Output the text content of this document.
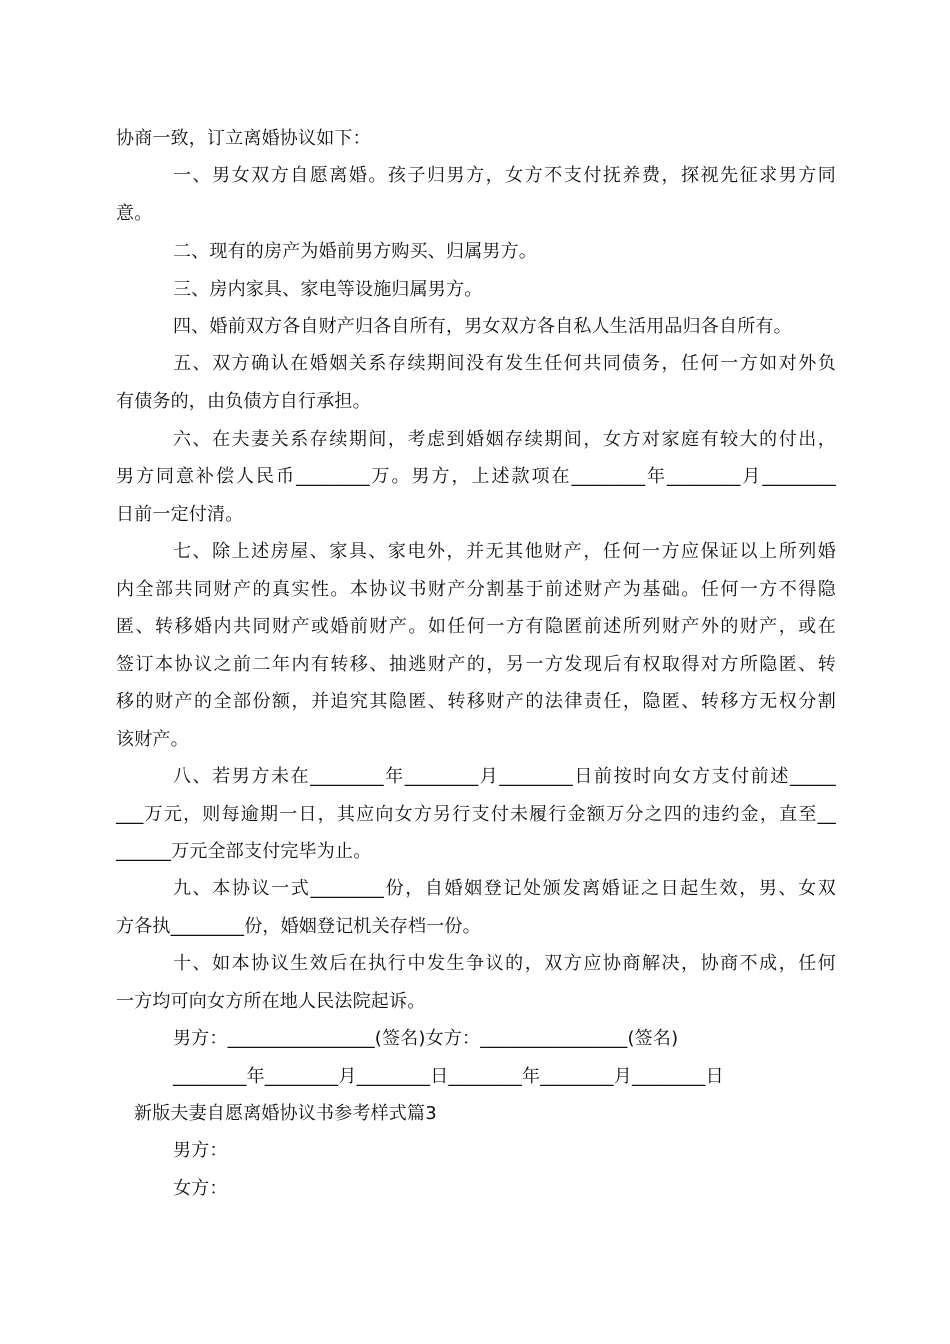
协商一致，订立离婚协议如下：
一、男女双方自愿离婚。孩子归男方，女方不支付抚养费，探视先征求男方同
意。
二、现有的房产为婚前男方购买、归属男方。
三、房内家具、家电等设施归属男方。
四、婚前双方各自财产归各自所有，男女双方各自私人生活用品归各自所有。
五、双方确认在婚姻关系存续期间没有发生任何共同债务，任何一方如对外负
有债务的，由负债方自行承担。
六、在夫妻关系存续期间，考虑到婚姻存续期间，女方对家庭有较大的付出，
男方同意补偿人民币________万。男方，上述款项在________年________月________
日前一定付清。
七、除上述房屋、家具、家电外，并无其他财产，任何一方应保证以上所列婚
内全部共同财产的真实性。本协议书财产分割基于前述财产为基础。任何一方不得隐
匿、转移婚内共同财产或婚前财产。如任何一方有隐匿前述所列财产外的财产，或在
签订本协议之前二年内有转移、抽逃财产的，另一方发现后有权取得对方所隐匿、转
移的财产的全部份额，并追究其隐匿、转移财产的法律责任，隐匿、转移方无权分割
该财产。
八、若男方未在________年________月________日前按时向女方支付前述_____
___万元，则每逾期一日，其应向女方另行支付未履行金额万分之四的违约金，直至__
______万元全部支付完毕为止。
九、本协议一式________份，自婚姻登记处颁发离婚证之日起生效，男、女双
方各执________份，婚姻登记机关存档一份。
十、如本协议生效后在执行中发生争议的，双方应协商解决，协商不成，任何
一方均可向女方所在地人民法院起诉。
男方：________________(签名)女方：________________(签名)
________年________月________日________年________月________日
新版夫妻自愿离婚协议书参考样式篇3
男方：
女方：
